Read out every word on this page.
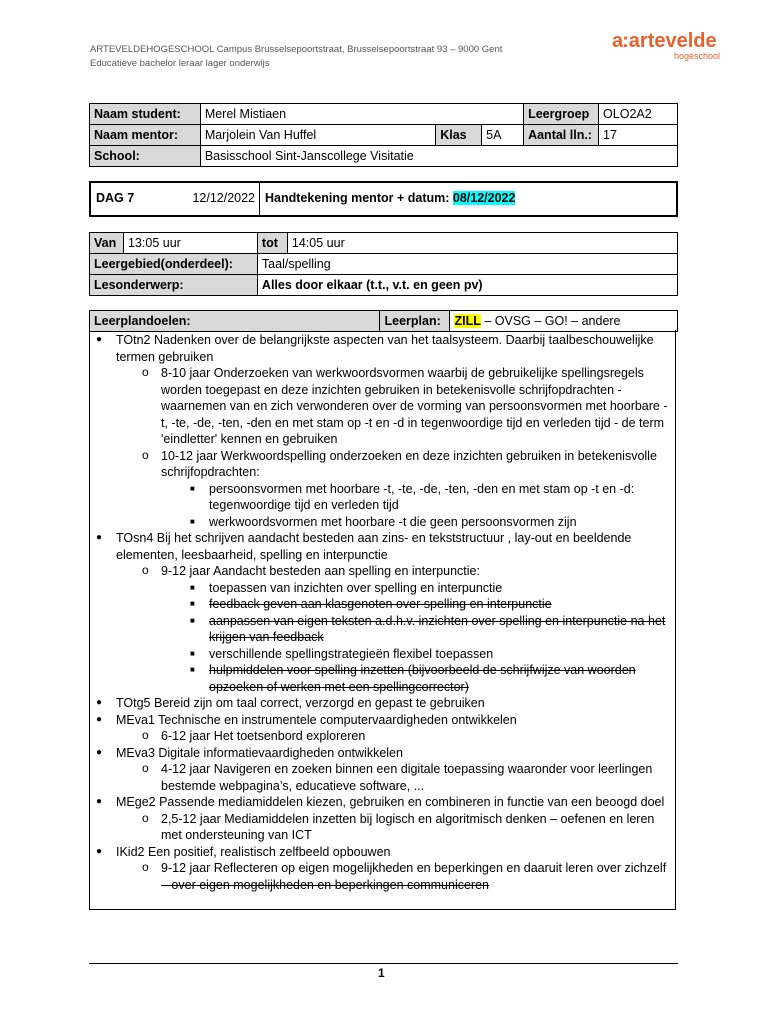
ARTEVELDEHOGESCHOOL Campus Brusselsepoortstraat, Brusselsepoortstraat 93 – 9000 Gent
Educatieve bachelor leraar lager onderwijs
a: artevelde
hogeschool
Naam student:	Merel Mistiaen			Leergroep	OLO2A2
Naam mentor:	Marjolein Van Huffel	Klas	5A	Aantal lln.:	17
School:	Basisschool Sint-Janscollege Visitatie				
DAG 7	12/12/2022 Handtekening mentor + datum: 08/12/2022
Van	13:05 uur	tot	14:05 uur
Leergebied(onderdeel):		Taal/spelling	
Lesonderwerp:		Alles door elkaar (t.t., v.t. en geen pv)	
Leerplandoelen:	Leerplan:	ZILL – OVSG – GO! – andere
● TOtn2 Nadenken over de belangrijkste aspecten van het taalsysteem. Daarbij taalbeschouwelijke termen gebruiken
o 8-10 jaar Onderzoeken van werkwoordsvormen waarbij de gebruikelijke spellingsregels worden toegepast en deze inzichten gebruiken in betekenisvolle schrijfopdrachten - waarnemen van en zich verwonderen over de vorming van persoonsvormen met hoorbare -t, -te, -de, -ten, -den en met stam op -t en -d in tegenwoordige tijd en verleden tijd - de term 'eindletter' kennen en gebruiken
o 10-12 jaar Werkwoordspelling onderzoeken en deze inzichten gebruiken in betekenisvolle schrijfopdrachten:
■ persoonsvormen met hoorbare -t, -te, -de, -ten, -den en met stam op -t en -d: tegenwoordige tijd en verleden tijd
■ werkwoordsvormen met hoorbare -t die geen persoonsvormen zijn
● TOsn4 Bij het schrijven aandacht besteden aan zins- en tekststructuur , lay-out en beeldende elementen, leesbaarheid, spelling en interpunctie
o 9-12 jaar Aandacht besteden aan spelling en interpunctie:
■ toepassen van inzichten over spelling en interpunctie
■ feedback geven aan klasgenoten over spelling en interpunctie
■ aanpassen van eigen teksten a.d.h.v. inzichten over spelling en interpunctie na het krijgen van feedback
■ verschillende spellingstrategieën flexibel toepassen
■ hulpmiddelen voor spelling inzetten (bijvoorbeeld de schrijfwijze van woorden opzoeken of werken met een spellingcorrector)
● TOtg5 Bereid zijn om taal correct, verzorgd en gepast te gebruiken
● MEva1 Technische en instrumentele computervaardigheden ontwikkelen
o 6-12 jaar Het toetsenbord exploreren
● MEva3 Digitale informatievaardigheden ontwikkelen
o 4-12 jaar Navigeren en zoeken binnen een digitale toepassing waaronder voor leerlingen bestemde webpagina’s, educatieve software, ...
● MEge2 Passende mediamiddelen kiezen, gebruiken en combineren in functie van een beoogd doel
o 2,5-12 jaar Mediamiddelen inzetten bij logisch en algoritmisch denken – oefenen en leren met ondersteuning van ICT
● IKid2 Een positief, realistisch zelfbeeld opbouwen
o 9-12 jaar Reflecteren op eigen mogelijkheden en beperkingen en daaruit leren over zichzelf – over eigen mogelijkheden en beperkingen communiceren
1
